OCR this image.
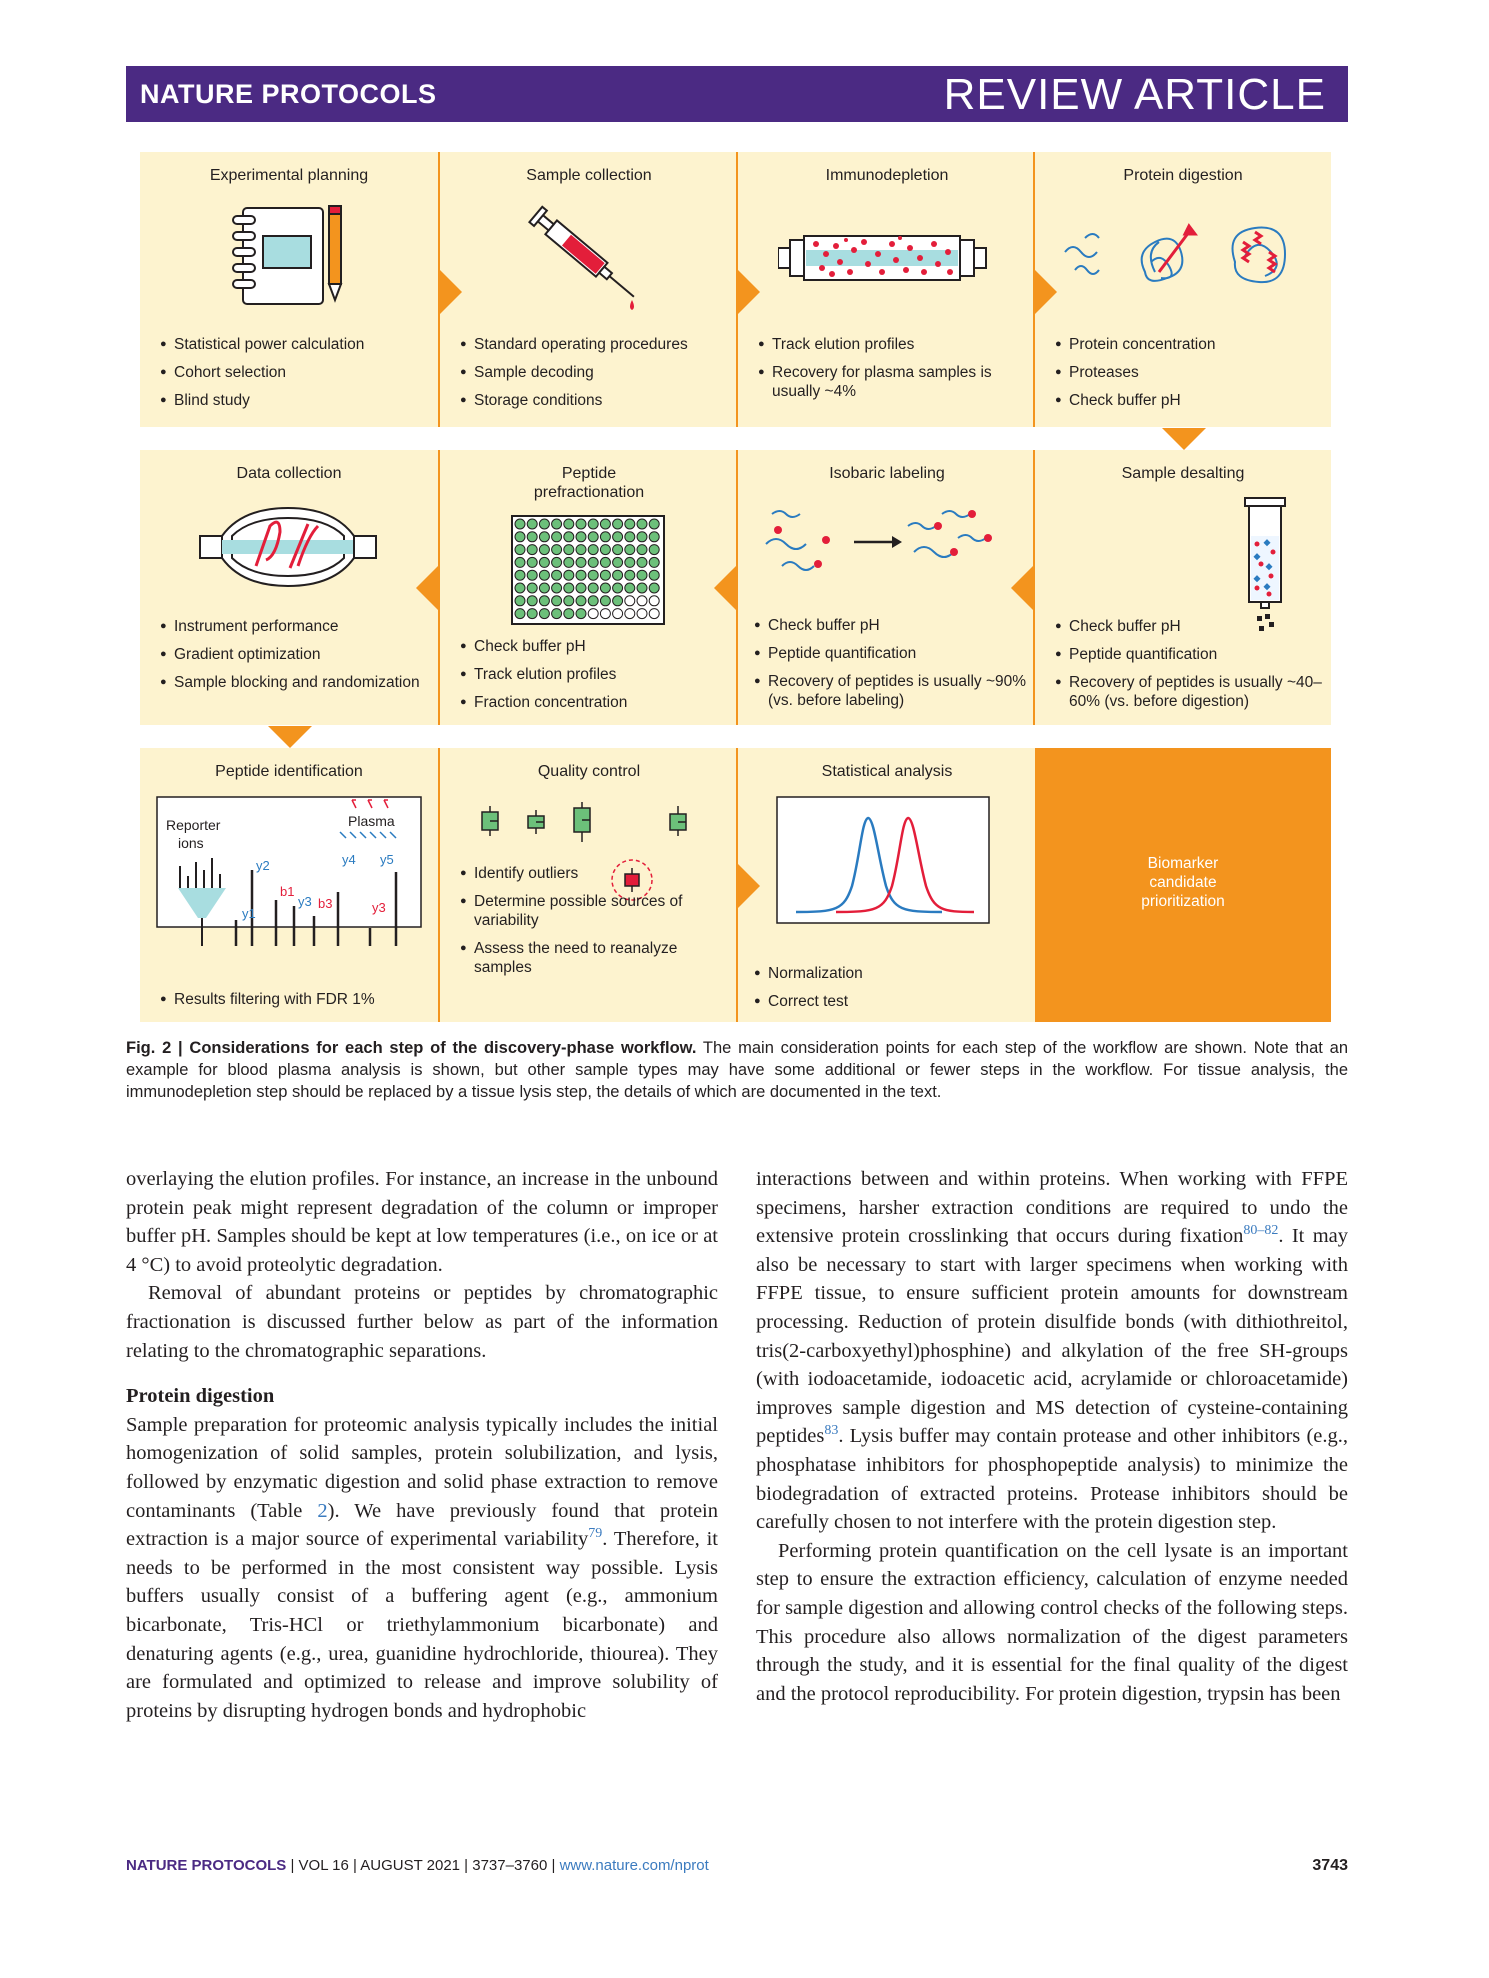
NATURE PROTOCOLS	REVIEW ARTICLE
Experimental planning
● Statistical power calculation
● Cohort selection
● Blind study
Sample collection
● Standard operating procedures
● Sample decoding
● Storage conditions
Immunodepletion
● Track elution profiles
● Recovery for plasma samples is usually ~4%
Protein digestion
● Protein concentration
● Proteases
● Check buffer pH
Data collection
● Instrument performance
● Gradient optimization
● Sample blocking and randomization
Peptide prefractionation
● Check buffer pH
● Track elution profiles
● Fraction concentration
Isobaric labeling
● Check buffer pH
● Peptide quantification
● Recovery of peptides is usually ~90% (vs. before labeling)
Sample desalting
● Check buffer pH
● Peptide quantification
● Recovery of peptides is usually ~40–60% (vs. before digestion)
Peptide identification
Reporter
ions
Plasma
y2
y1
b1
y3 b3
y4 y5
y3
● Results filtering with FDR 1%
Quality control
● Identify outliers
● Determine possible sources of variability
● Assess the need to reanalyze samples
Statistical analysis
● Normalization
● Correct test
Biomarker
candidate
prioritization
Fig. 2 | Considerations for each step of the discovery-phase workflow. The main consideration points for each step of the workflow are shown. Note that an example for blood plasma analysis is shown, but other sample types may have some additional or fewer steps in the workflow. For tissue analysis, the immunodepletion step should be replaced by a tissue lysis step, the details of which are documented in the text.

overlaying the elution profiles. For instance, an increase in the unbound protein peak might represent degradation of the column or improper buffer pH. Samples should be kept at low temperatures (i.e., on ice or at 4 °C) to avoid proteolytic degradation.

Removal of abundant proteins or peptides by chromatographic fractionation is discussed further below as part of the information relating to the chromatographic separations.

Protein digestion

Sample preparation for proteomic analysis typically includes the initial homogenization of solid samples, protein solubilization, and lysis, followed by enzymatic digestion and solid phase extraction to remove contaminants (Table 2). We have previously found that protein extraction is a major source of experimental variability$^{79}$. Therefore, it needs to be performed in the most consistent way possible. Lysis buffers usually consist of a buffering agent (e.g., ammonium bicarbonate, Tris-HCl or triethylammonium bicarbonate) and denaturing agents (e.g., urea, guanidine hydrochloride, thiourea). They are formulated and optimized to release and improve solubility of proteins by disrupting hydrogen bonds and hydrophobic

interactions between and within proteins. When working with FFPE specimens, harsher extraction conditions are required to undo the extensive protein crosslinking that occurs during fixation$^{80-82}$. It may also be necessary to start with larger specimens when working with FFPE tissue, to ensure sufficient protein amounts for downstream processing. Reduction of protein disulfide bonds (with dithiothreitol, tris(2-carboxyethyl)phosphine) and alkylation of the free SH-groups (with iodoacetamide, iodoacetic acid, acrylamide or chloroacetamide) improves sample digestion and MS detection of cysteine-containing peptides$^{83}$. Lysis buffer may contain protease and other inhibitors (e.g., phosphatase inhibitors for phosphopeptide analysis) to minimize the biodegradation of extracted proteins. Protease inhibitors should be carefully chosen to not interfere with the protein digestion step.

Performing protein quantification on the cell lysate is an important step to ensure the extraction efficiency, calculation of enzyme needed for sample digestion and allowing control checks of the following steps. This procedure also allows normalization of the digest parameters through the study, and it is essential for the final quality of the digest and the protocol reproducibility. For protein digestion, trypsin has been

NATURE PROTOCOLS | VOL 16 | AUGUST 2021 | 3737–3760 | www.nature.com/nprot	3743
